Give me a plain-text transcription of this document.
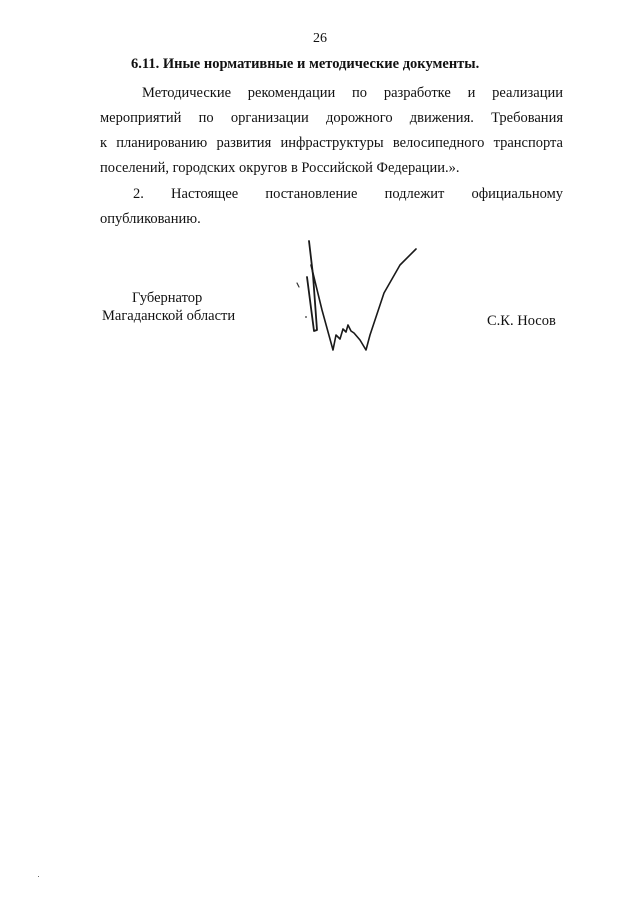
26
6.11. Иные нормативные и методические документы.
Методические рекомендации по разработке и реализации
мероприятий по организации дорожного движения. Требования
к планированию развития инфраструктуры велосипедного транспорта
поселений, городских округов в Российской Федерации.».
2. Настоящее постановление подлежит официальному
опубликованию.
Губернатор
Магаданской области	С.К. Носов
